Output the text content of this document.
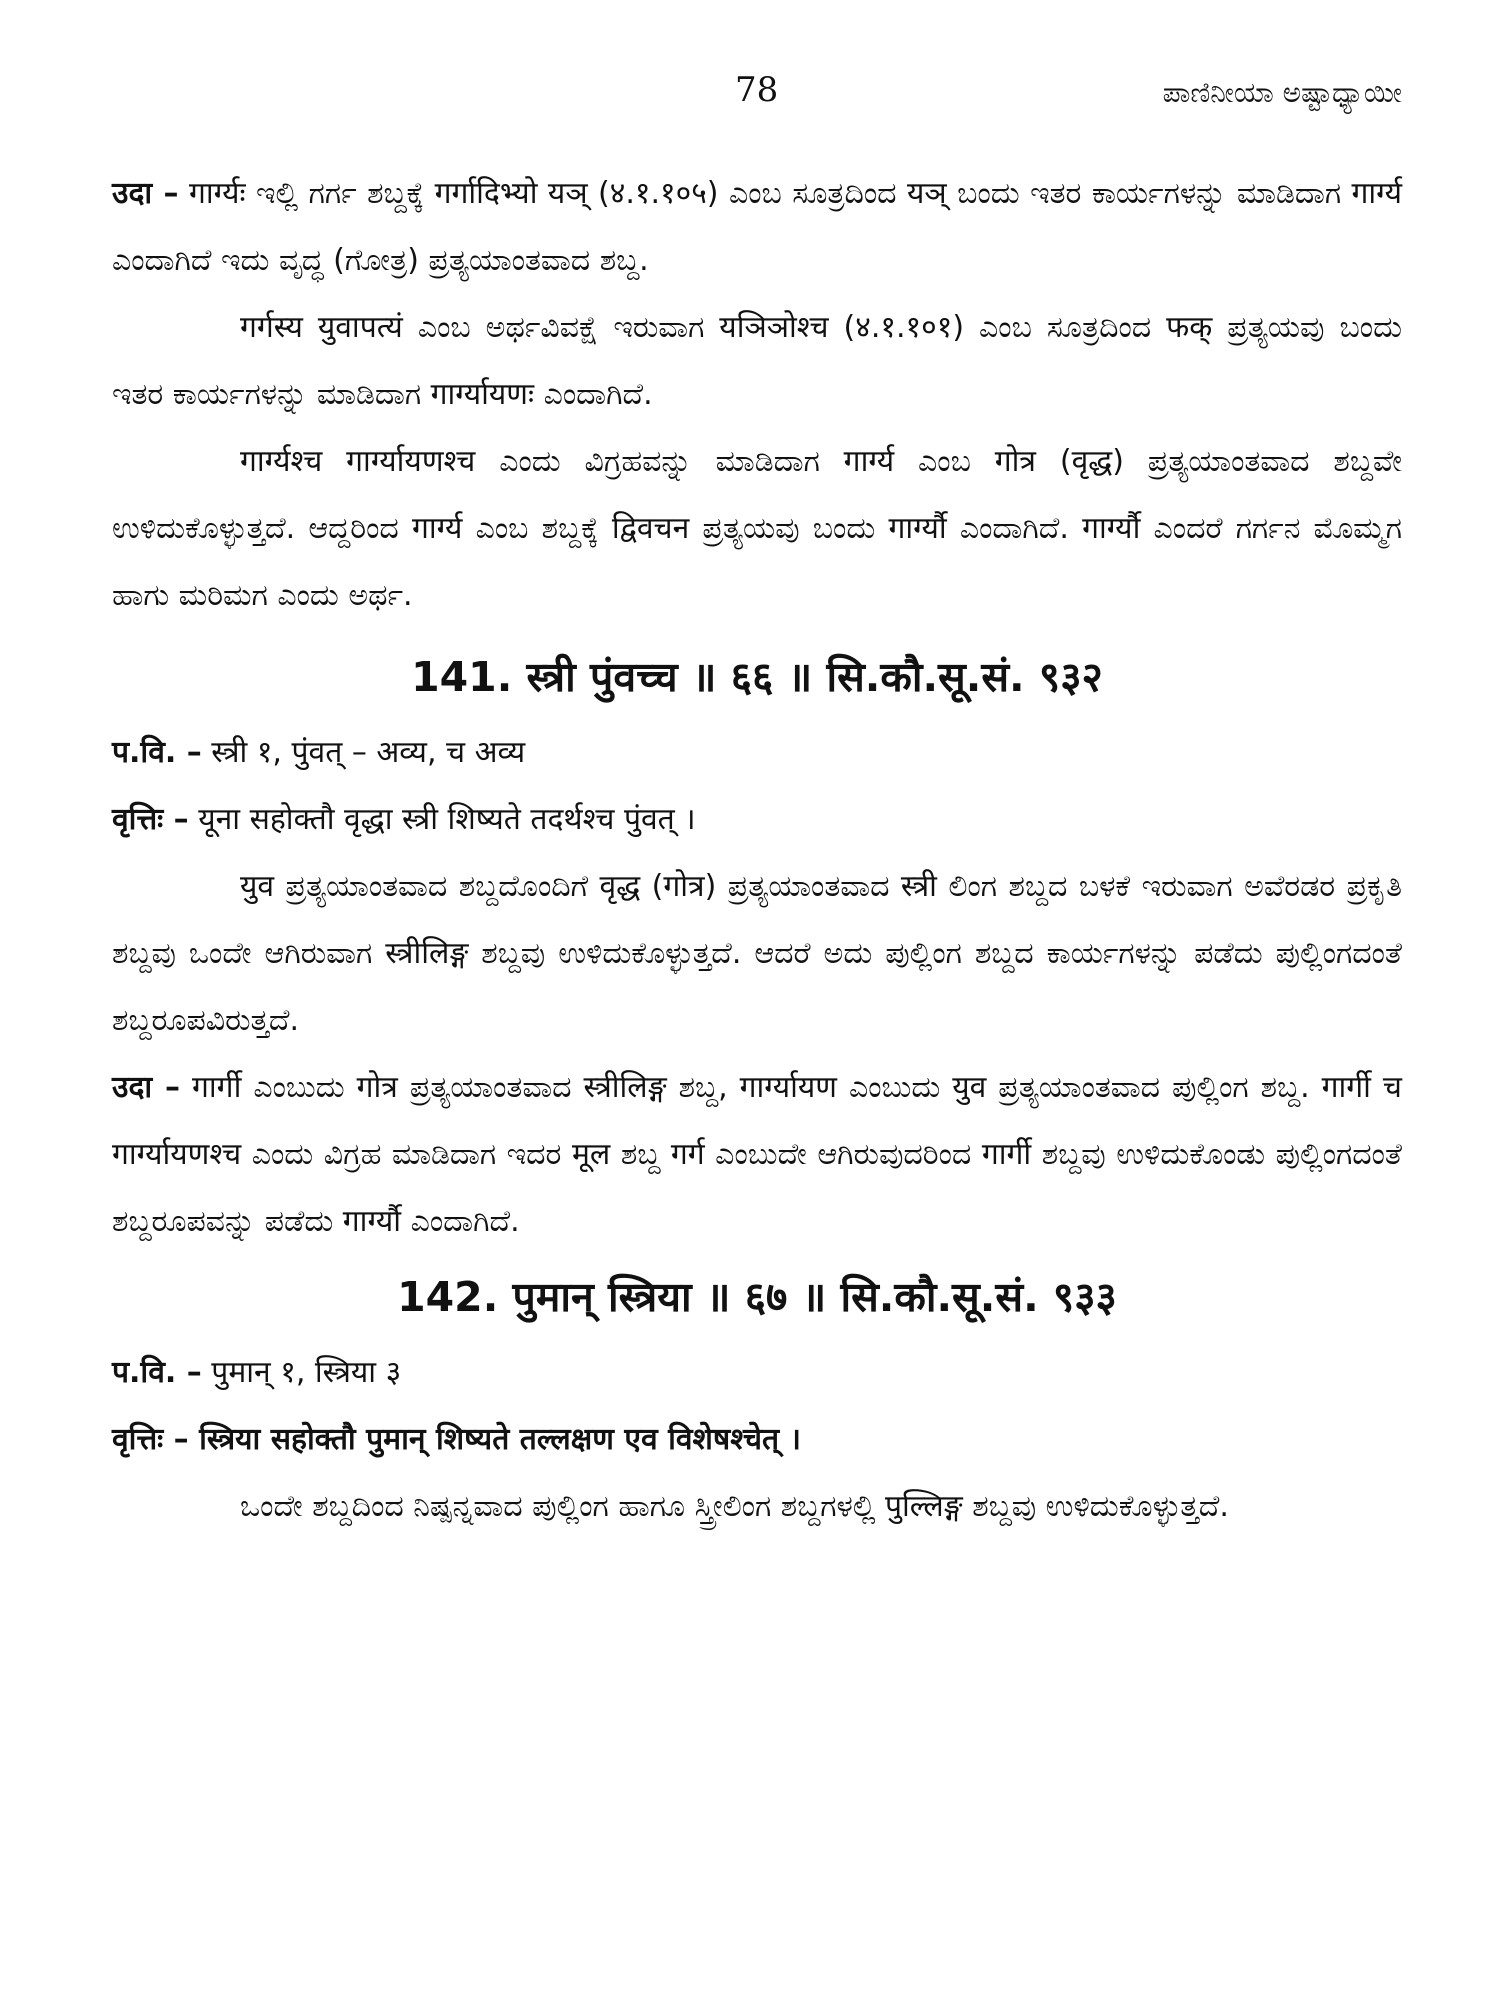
78	ಪಾಣಿನೀಯಾ ಅಷ್ಟಾಧ್ಯಾಯೀ

उदा – गार्ग्यः ಇಲ್ಲಿ ಗರ್ಗ ಶಬ್ದಕ್ಕೆ गर्गादिभ्यो यञ् (४.१.१०५) ಎಂಬ ಸೂತ್ರದಿಂದ यञ् ಬಂದು ಇತರ ಕಾರ್ಯಗಳನ್ನು ಮಾಡಿದಾಗ गार्ग्य ಎಂದಾಗಿದೆ ಇದು ವೃದ್ಧ (ಗೋತ್ರ) ಪ್ರತ್ಯಯಾಂತವಾದ ಶಬ್ದ.

गर्गस्य युवापत्यं ಎಂಬ ಅರ್ಥವಿವಕ್ಷೆ ಇರುವಾಗ यञिञोश्च (४.१.१०१) ಎಂಬ ಸೂತ್ರದಿಂದ फक् ಪ್ರತ್ಯಯವು ಬಂದು ಇತರ ಕಾರ್ಯಗಳನ್ನು ಮಾಡಿದಾಗ गार्ग्यायणः ಎಂದಾಗಿದೆ.

गार्ग्यश्च गार्ग्यायणश्च ಎಂದು ವಿಗ್ರಹವನ್ನು ಮಾಡಿದಾಗ गार्ग्य ಎಂಬ गोत्र (वृद्ध) ಪ್ರತ್ಯಯಾಂತವಾದ ಶಬ್ದವೇ ಉಳಿದುಕೊಳ್ಳುತ್ತದೆ. ಆದ್ದರಿಂದ गार्ग्य ಎಂಬ ಶಬ್ದಕ್ಕೆ द्विवचन ಪ್ರತ್ಯಯವು ಬಂದು गार्ग्यौ ಎಂದಾಗಿದೆ. गार्ग्यौ ಎಂದರೆ ಗರ್ಗನ ಮೊಮ್ಮಗ ಹಾಗು ಮರಿಮಗ ಎಂದು ಅರ್ಥ.

141. स्त्री पुंवच्च ॥ ६६ ॥ सि.कौ.सू.सं. ९३२

प.वि. – स्त्री १, पुंवत् – अव्य, च अव्य

वृत्तिः – यूना सहोक्तौ वृद्धा स्त्री शिष्यते तदर्थश्च पुंवत् ।

युव ಪ್ರತ್ಯಯಾಂತವಾದ ಶಬ್ದದೊಂದಿಗೆ वृद्ध (गोत्र) ಪ್ರತ್ಯಯಾಂತವಾದ स्त्री ಲಿಂಗ ಶಬ್ದದ ಬಳಕೆ ಇರುವಾಗ ಅವೆರಡರ ಪ್ರಕೃತಿ ಶಬ್ದವು ಒಂದೇ ಆಗಿರುವಾಗ स्त्रीलिङ्ग ಶಬ್ದವು ಉಳಿದುಕೊಳ್ಳುತ್ತದೆ. ಆದರೆ ಅದು ಪುಲ್ಲಿಂಗ ಶಬ್ದದ ಕಾರ್ಯಗಳನ್ನು ಪಡೆದು ಪುಲ್ಲಿಂಗದಂತೆ ಶಬ್ದರೂಪವಿರುತ್ತದೆ.

उदा – गार्गी ಎಂಬುದು गोत्र ಪ್ರತ್ಯಯಾಂತವಾದ स्त्रीलिङ्ग ಶಬ್ದ, गार्ग्यायण ಎಂಬುದು युव ಪ್ರತ್ಯಯಾಂತವಾದ ಪುಲ್ಲಿಂಗ ಶಬ್ದ. गार्गी च गार्ग्यायणश्च ಎಂದು ವಿಗ್ರಹ ಮಾಡಿದಾಗ ಇದರ मूल ಶಬ್ದ गर्ग ಎಂಬುದೇ ಆಗಿರುವುದರಿಂದ गार्गी ಶಬ್ದವು ಉಳಿದುಕೊಂಡು ಪುಲ್ಲಿಂಗದಂತೆ ಶಬ್ದರೂಪವನ್ನು ಪಡೆದು गार्ग्यौ ಎಂದಾಗಿದೆ.

142. पुमान् स्त्रिया ॥ ६७ ॥ सि.कौ.सू.सं. ९३३

प.वि. – पुमान् १, स्त्रिया ३

वृत्तिः – स्त्रिया सहोक्तौ पुमान् शिष्यते तल्लक्षण एव विशेषश्चेत् ।

ಒಂದೇ ಶಬ್ದದಿಂದ ನಿಷ್ಪನ್ನವಾದ ಪುಲ್ಲಿಂಗ ಹಾಗೂ ಸ್ತ್ರೀಲಿಂಗ ಶಬ್ದಗಳಲ್ಲಿ पुल्लिङ्ग ಶಬ್ದವು ಉಳಿದುಕೊಳ್ಳುತ್ತದೆ.
